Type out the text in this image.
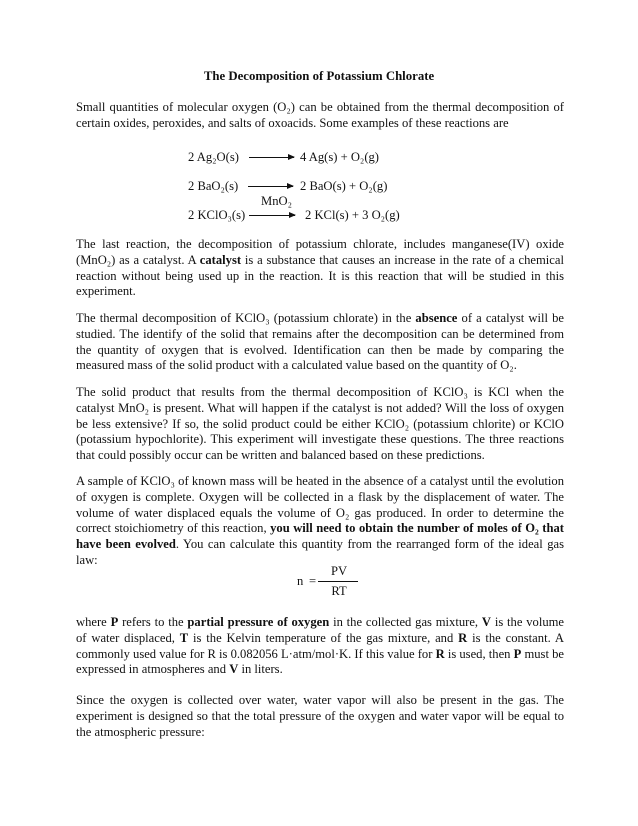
The Decomposition of Potassium Chlorate

Small quantities of molecular oxygen (O₂) can be obtained from the thermal decomposition of certain oxides, peroxides, and salts of oxoacids. Some examples of these reactions are

2 Ag₂O(s) → 4 Ag(s) + O₂(g)
2 BaO₂(s) → 2 BaO(s) + O₂(g)
MnO₂
2 KClO₃(s) → 2 KCl(s) + 3 O₂(g)

The last reaction, the decomposition of potassium chlorate, includes manganese(IV) oxide (MnO₂) as a catalyst. A catalyst is a substance that causes an increase in the rate of a chemical reaction without being used up in the reaction. It is this reaction that will be studied in this experiment.

The thermal decomposition of KClO₃ (potassium chlorate) in the absence of a catalyst will be studied. The identify of the solid that remains after the decomposition can be determined from the quantity of oxygen that is evolved. Identification can then be made by comparing the measured mass of the solid product with a calculated value based on the quantity of O₂.

The solid product that results from the thermal decomposition of KClO₃ is KCl when the catalyst MnO₂ is present. What will happen if the catalyst is not added? Will the loss of oxygen be less extensive? If so, the solid product could be either KClO₂ (potassium chlorite) or KClO (potassium hypochlorite). This experiment will investigate these questions. The three reactions that could possibly occur can be written and balanced based on these predictions.

A sample of KClO₃ of known mass will be heated in the absence of a catalyst until the evolution of oxygen is complete. Oxygen will be collected in a flask by the displacement of water. The volume of water displaced equals the volume of O₂ gas produced. In order to determine the correct stoichiometry of this reaction, you will need to obtain the number of moles of O₂ that have been evolved. You can calculate this quantity from the rearranged form of the ideal gas law:

n =
PV
RT

where P refers to the partial pressure of oxygen in the collected gas mixture, V is the volume of water displaced, T is the Kelvin temperature of the gas mixture, and R is the constant. A commonly used value for R is 0.082056 L·atm/mol·K. If this value for R is used, then P must be expressed in atmospheres and V in liters.

Since the oxygen is collected over water, water vapor will also be present in the gas. The experiment is designed so that the total pressure of the oxygen and water vapor will be equal to the atmospheric pressure:
